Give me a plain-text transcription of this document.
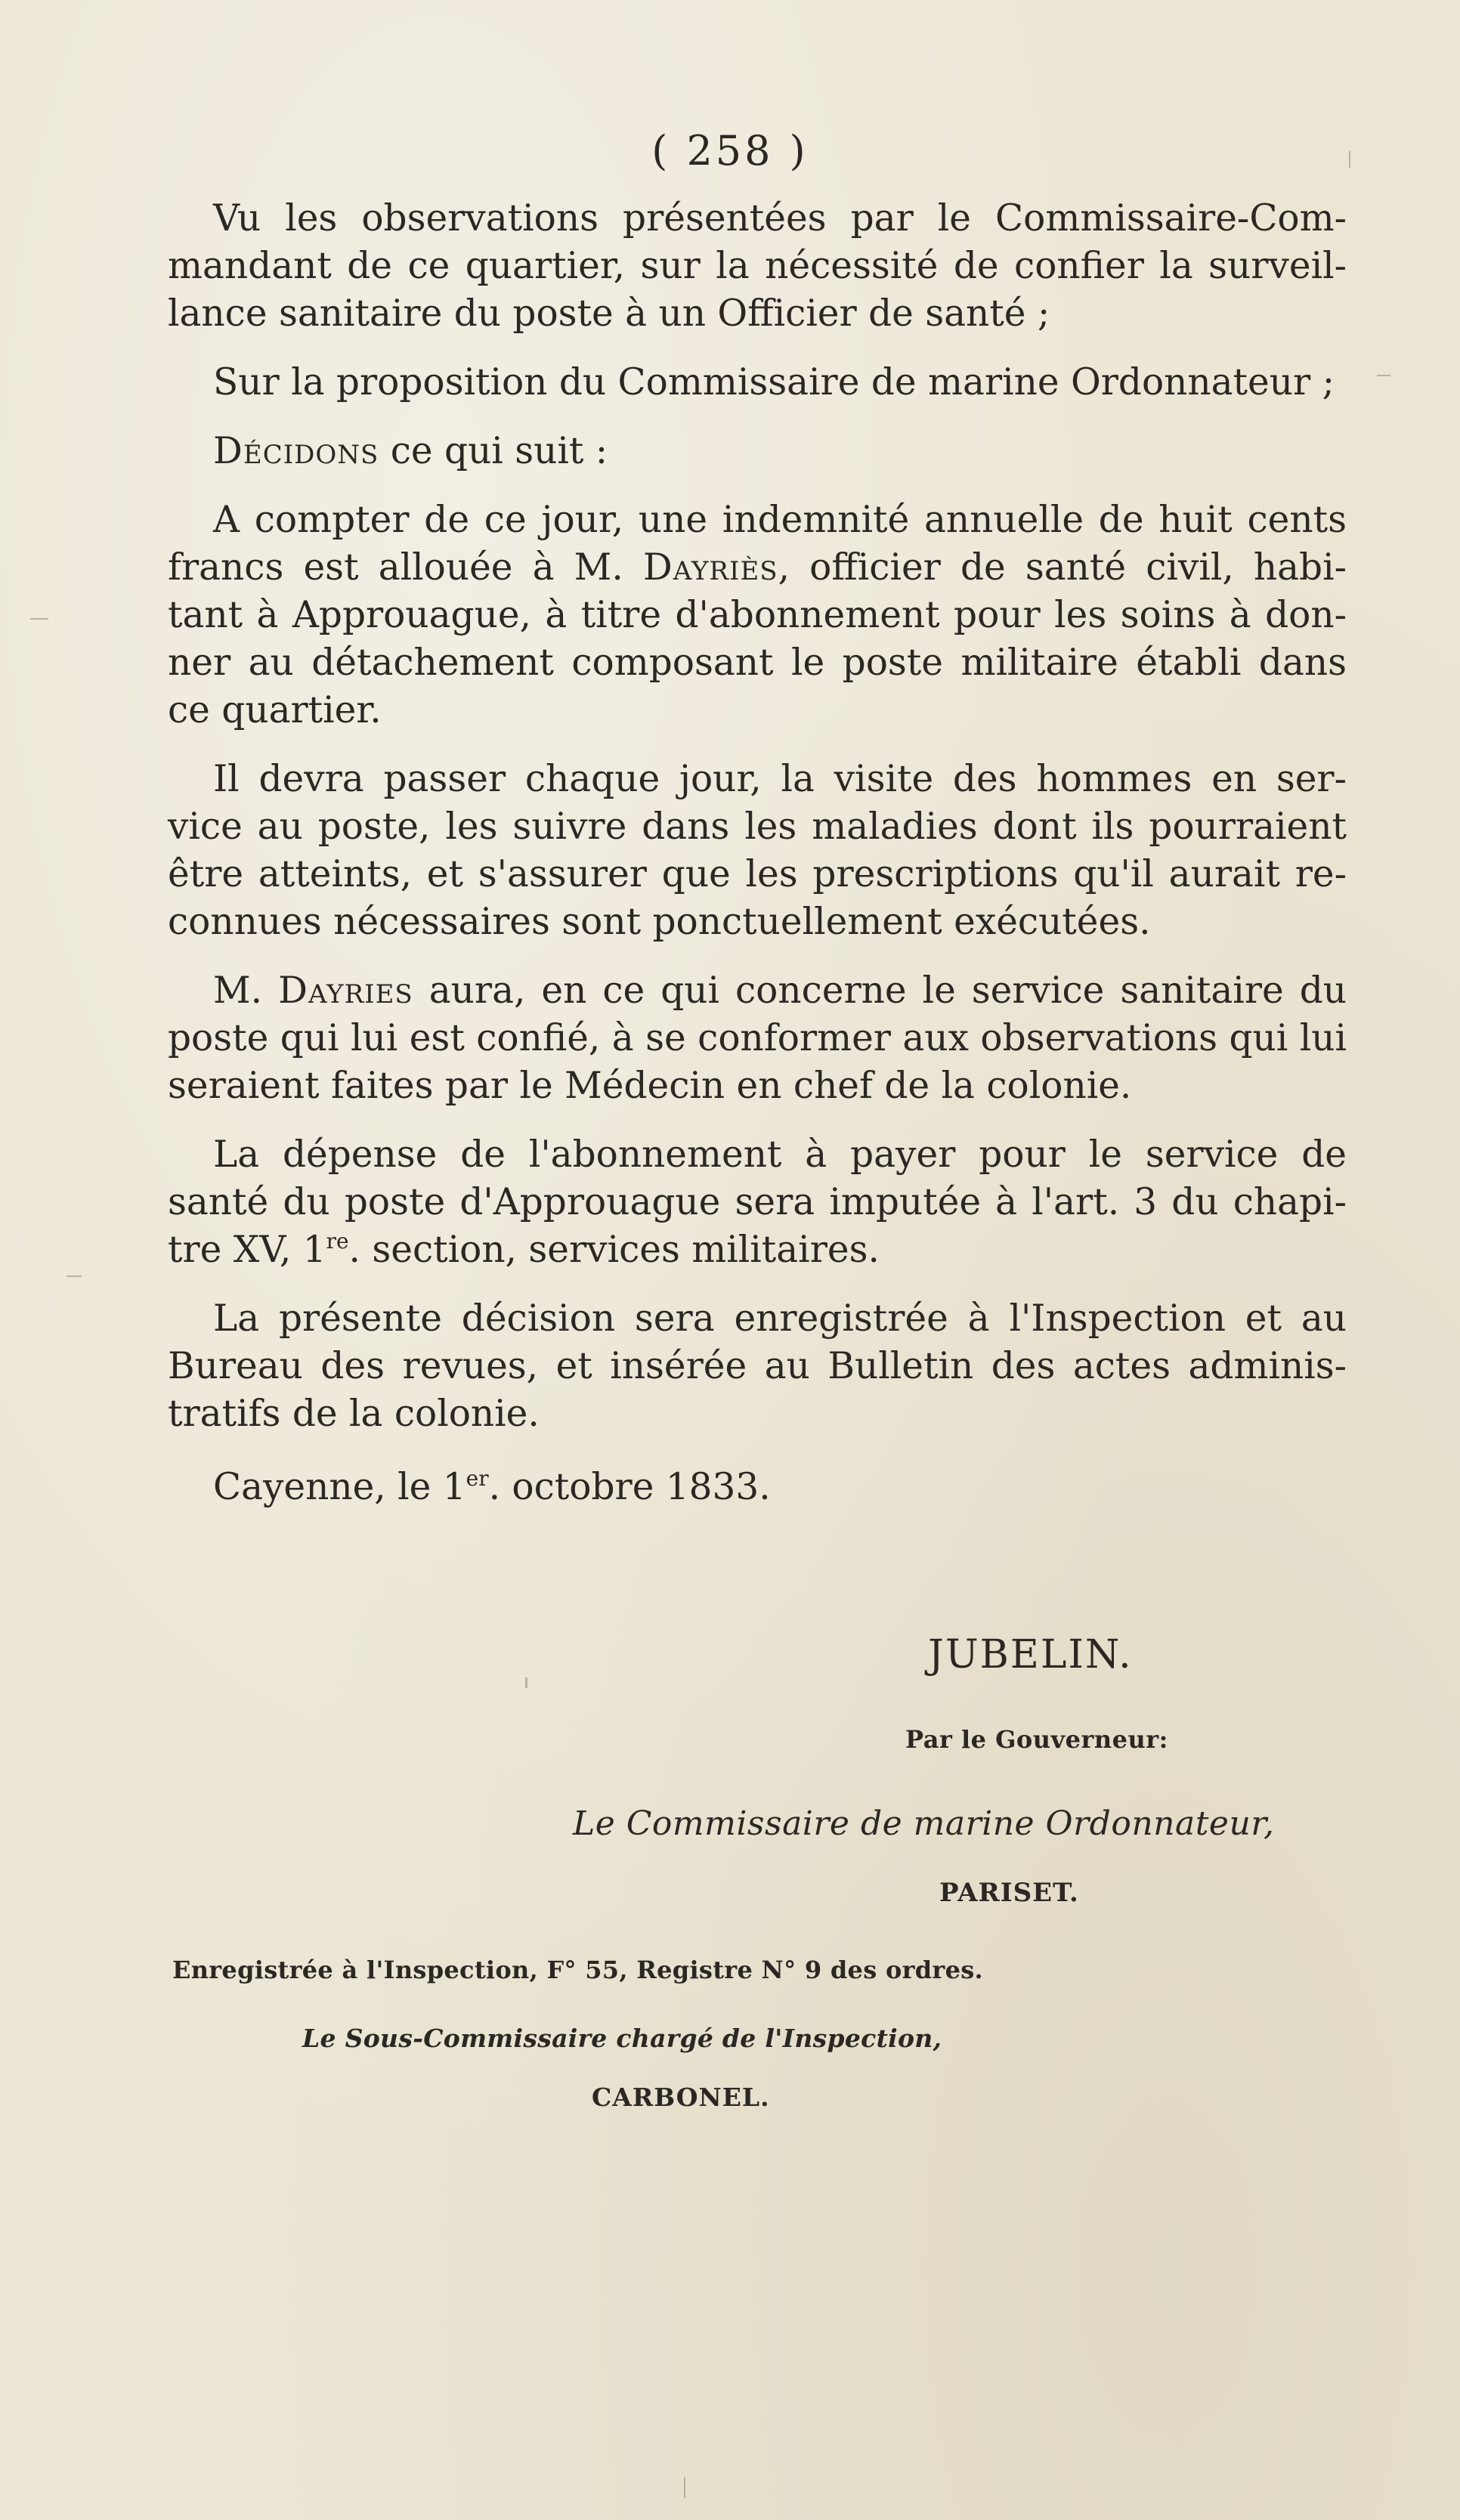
( 258 )

Vu les observations présentées par le Commissaire-Com- mandant de ce quartier, sur la nécessité de confier la surveil- lance sanitaire du poste à un Officier de santé ;

Sur la proposition du Commissaire de marine Ordonnateur ;

Décidons ce qui suit :

A compter de ce jour, une indemnité annuelle de huit cents francs est allouée à M. Dayriès, officier de santé civil, habi- tant à Approuague, à titre d'abonnement pour les soins à don- ner au détachement composant le poste militaire établi dans ce quartier.

Il devra passer chaque jour, la visite des hommes en ser- vice au poste, les suivre dans les maladies dont ils pourraient être atteints, et s'assurer que les prescriptions qu'il aurait re- connues nécessaires sont ponctuellement exécutées.

M. Dayries aura, en ce qui concerne le service sanitaire du poste qui lui est confié, à se conformer aux observations qui lui seraient faites par le Médecin en chef de la colonie.

La dépense de l'abonnement à payer pour le service de santé du poste d'Approuague sera imputée à l'art. 3 du chapi- tre XV, 1re. section, services militaires.

La présente décision sera enregistrée à l'Inspection et au Bureau des revues, et insérée au Bulletin des actes adminis- tratifs de la colonie.

Cayenne, le 1er. octobre 1833.

JUBELIN.
Par le Gouverneur:
Le Commissaire de marine Ordonnateur,
PARISET.
Enregistrée à l'Inspection, F° 55, Registre N° 9 des ordres.
Le Sous-Commissaire chargé de l'Inspection,
CARBONEL.
